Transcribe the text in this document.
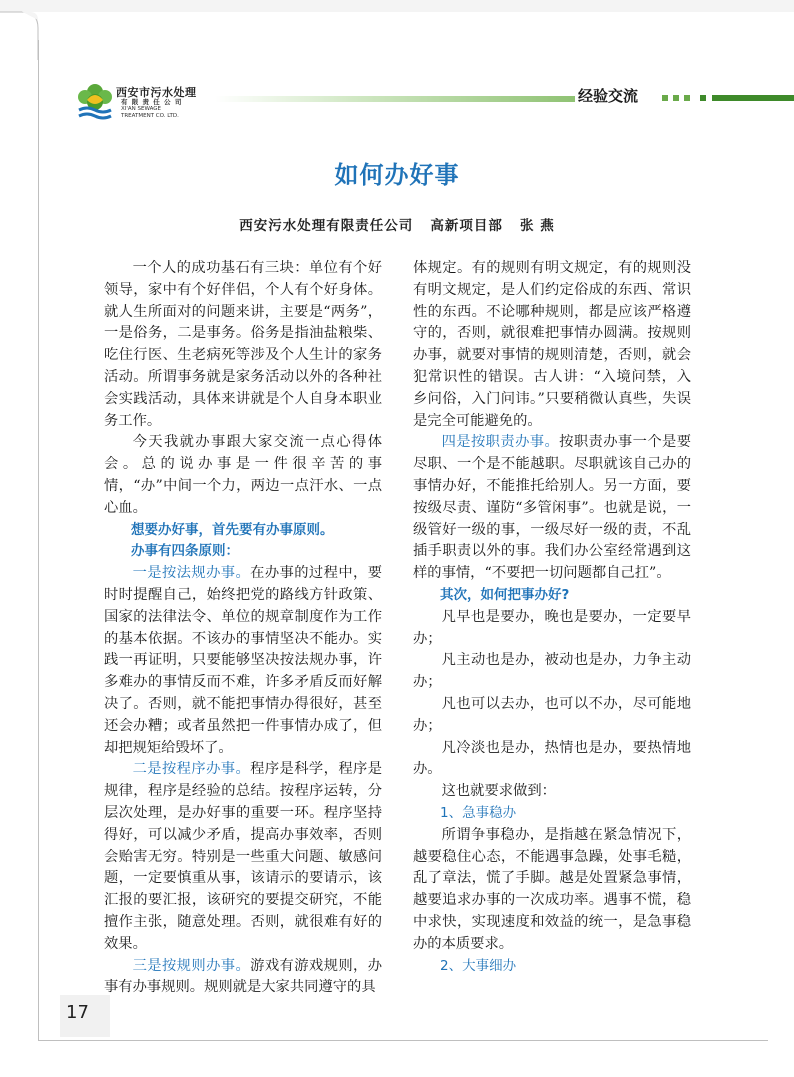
西安市污水处理
有 限 责 任 公 司
XI'AN SEWAGE
TREATMENT CO. LTD.
经验交流
如何办好事
西安污水处理有限责任公司   高新项目部   张 燕

一个人的成功基石有三块：单位有个好领导，家中有个好伴侣，个人有个好身体。就人生所面对的问题来讲，主要是“两务”，一是俗务，二是事务。俗务是指油盐粮柴、吃住行医、生老病死等涉及个人生计的家务活动。所谓事务就是家务活动以外的各种社会实践活动，具体来讲就是个人自身本职业务工作。

今天我就办事跟大家交流一点心得体会。总的说办事是一件很辛苦的事情，“办”中间一个力，两边一点汗水、一点心血。

想要办好事，首先要有办事原则。

办事有四条原则：

一是按法规办事。在办事的过程中，要时时提醒自己，始终把党的路线方针政策、国家的法律法令、单位的规章制度作为工作的基本依据。不该办的事情坚决不能办。实践一再证明，只要能够坚决按法规办事，许多难办的事情反而不难，许多矛盾反而好解决了。否则，就不能把事情办得很好，甚至还会办糟；或者虽然把一件事情办成了，但却把规矩给毁坏了。

二是按程序办事。程序是科学，程序是规律，程序是经验的总结。按程序运转，分层次处理，是办好事的重要一环。程序坚持得好，可以减少矛盾，提高办事效率，否则会贻害无穷。特别是一些重大问题、敏感问题，一定要慎重从事，该请示的要请示，该汇报的要汇报，该研究的要提交研究，不能擅作主张，随意处理。否则，就很难有好的效果。

三是按规则办事。游戏有游戏规则，办事有办事规则。规则就是大家共同遵守的具

体规定。有的规则有明文规定，有的规则没有明文规定，是人们约定俗成的东西、常识性的东西。不论哪种规则，都是应该严格遵守的，否则，就很难把事情办圆满。按规则办事，就要对事情的规则清楚，否则，就会犯常识性的错误。古人讲：“入境问禁，入乡问俗，入门问讳。”只要稍微认真些，失误是完全可能避免的。

四是按职责办事。按职责办事一个是要尽职、一个是不能越职。尽职就该自己办的事情办好，不能推托给别人。另一方面，要按级尽责、谨防“多管闲事”。也就是说，一级管好一级的事，一级尽好一级的责，不乱插手职责以外的事。我们办公室经常遇到这样的事情，“不要把一切问题都自己扛”。

其次，如何把事办好?

凡早也是要办，晚也是要办，一定要早办；

凡主动也是办，被动也是办，力争主动办；

凡也可以去办，也可以不办，尽可能地办；

凡冷淡也是办，热情也是办，要热情地办。

这也就要求做到：

1、急事稳办

所谓争事稳办，是指越在紧急情况下，越要稳住心态，不能遇事急躁，处事毛糙，乱了章法，慌了手脚。越是处置紧急事情，越要追求办事的一次成功率。遇事不慌，稳中求快，实现速度和效益的统一，是急事稳办的本质要求。

2、大事细办

17
